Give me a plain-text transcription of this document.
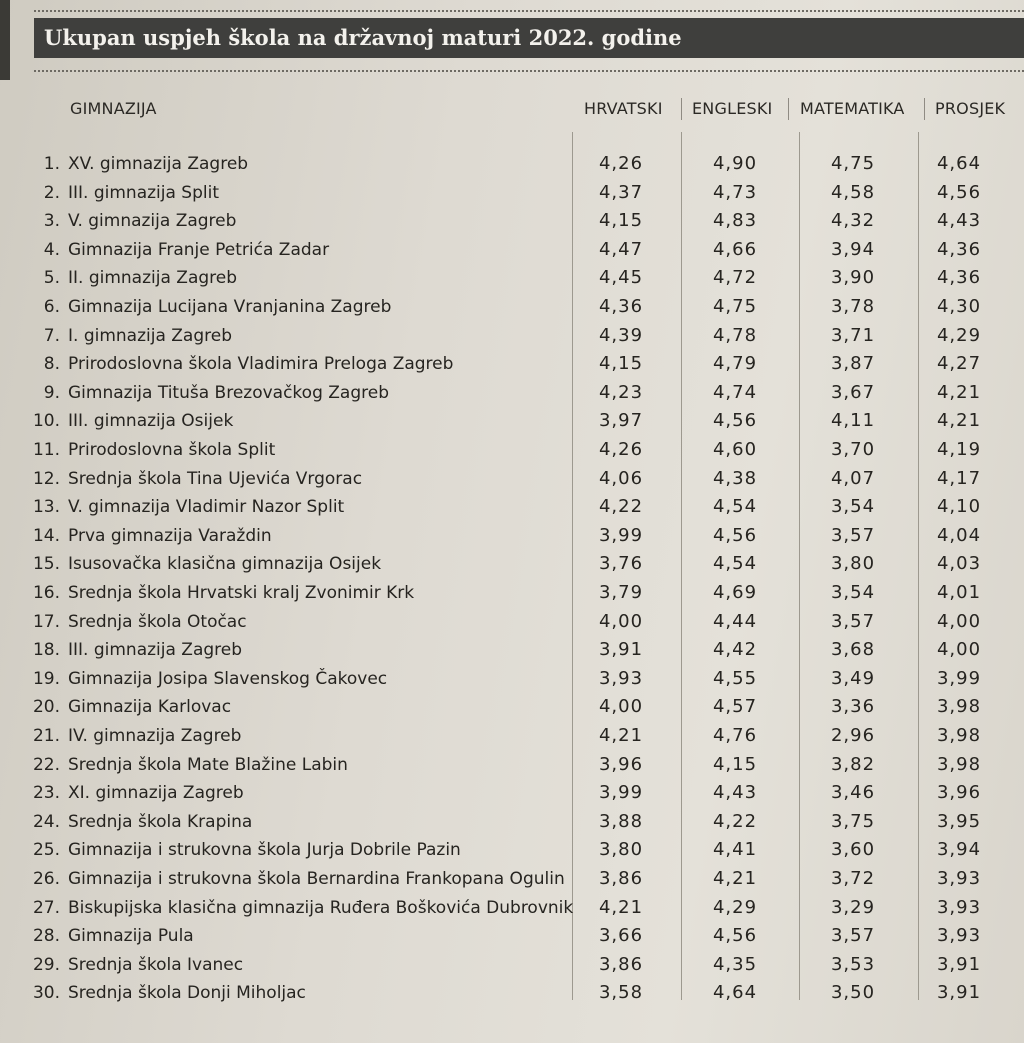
Ukupan uspjeh škola na državnoj maturi 2022. godine
GIMNAZIJA	HRVATSKI ENGLESKI MATEMATIKA PROSJEK
1. XV. gimnazija Zagreb	4,26	4,90	4,75	4,64
2. III. gimnazija Split	4,37	4,73	4,58	4,56
3. V. gimnazija Zagreb	4,15	4,83	4,32	4,43
4. Gimnazija Franje Petrića Zadar	4,47	4,66	3,94	4,36
5. II. gimnazija Zagreb	4,45	4,72	3,90	4,36
6. Gimnazija Lucijana Vranjanina Zagreb	4,36	4,75	3,78	4,30
7. I. gimnazija Zagreb	4,39	4,78	3,71	4,29
8. Prirodoslovna škola Vladimira Preloga Zagreb	4,15	4,79	3,87	4,27
9. Gimnazija Tituša Brezovačkog Zagreb	4,23	4,74	3,67	4,21
10. III. gimnazija Osijek	3,97	4,56	4,11	4,21
11. Prirodoslovna škola Split	4,26	4,60	3,70	4,19
12. Srednja škola Tina Ujevića Vrgorac	4,06	4,38	4,07	4,17
13. V. gimnazija Vladimir Nazor Split	4,22	4,54	3,54	4,10
14. Prva gimnazija Varaždin	3,99	4,56	3,57	4,04
15. Isusovačka klasična gimnazija Osijek	3,76	4,54	3,80	4,03
16. Srednja škola Hrvatski kralj Zvonimir Krk	3,79	4,69	3,54	4,01
17. Srednja škola Otočac	4,00	4,44	3,57	4,00
18. III. gimnazija Zagreb	3,91	4,42	3,68	4,00
19. Gimnazija Josipa Slavenskog Čakovec	3,93	4,55	3,49	3,99
20. Gimnazija Karlovac	4,00	4,57	3,36	3,98
21. IV. gimnazija Zagreb	4,21	4,76	2,96	3,98
22. Srednja škola Mate Blažine Labin	3,96	4,15	3,82	3,98
23. XI. gimnazija Zagreb	3,99	4,43	3,46	3,96
24. Srednja škola Krapina	3,88	4,22	3,75	3,95
25. Gimnazija i strukovna škola Jurja Dobrile Pazin	3,80	4,41	3,60	3,94
26. Gimnazija i strukovna škola Bernardina Frankopana Ogulin	3,86	4,21	3,72	3,93
27. Biskupijska klasična gimnazija Ruđera Boškovića Dubrovnik	4,21	4,29	3,29	3,93
28. Gimnazija Pula	3,66	4,56	3,57	3,93
29. Srednja škola Ivanec	3,86	4,35	3,53	3,91
30. Srednja škola Donji Miholjac	3,58	4,64	3,50	3,91
